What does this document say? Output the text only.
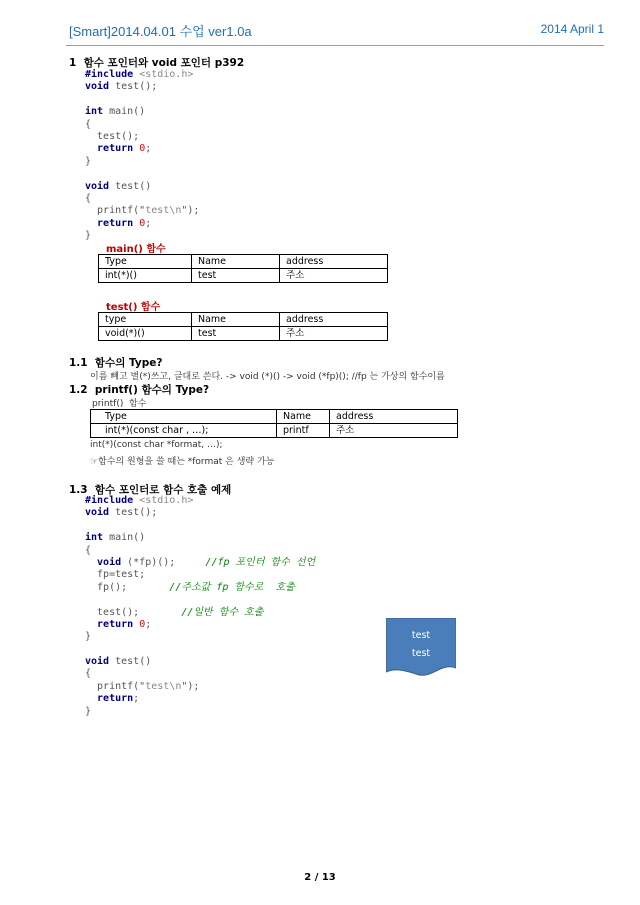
[Smart]2014.04.01 수업 ver1.0a	2014 April 1
1  함수 포인터와 void 포인터 p392
#include <stdio.h>
void test();
int main()
{
test();
return 0;
}
void test()
{
printf("test\n");
return 0;
}
main() 함수
Type	Name	address
int(*)()	test	주소
test() 함수
type	Name	address
void(*)()	test	주소
1.1  함수의 Type?
이름 빼고 별(*)쓰고, 글대로 쓴다. -> void (*)() -> void (*fp)(); //fp 는 가상의 함수이름
1.2  printf() 함수의 Type?
printf()  함수
Type	Name	address
int(*)(const char , …);	printf	주소
int(*)(const char *format, …);
☞함수의 원형을 쓸 때는 *format 은 생략 가능
1.3  함수 포인터로 함수 호출 예제
#include <stdio.h>
void test();
int main()
{
void (*fp)();     //fp 포인터 함수 선언
fp=test;
fp();       //주소값 fp 함수로  호출
test();       //일반 함수 호출
return 0;
}
void test()
{
printf("test\n");
return;
}
test
test
2 / 13
